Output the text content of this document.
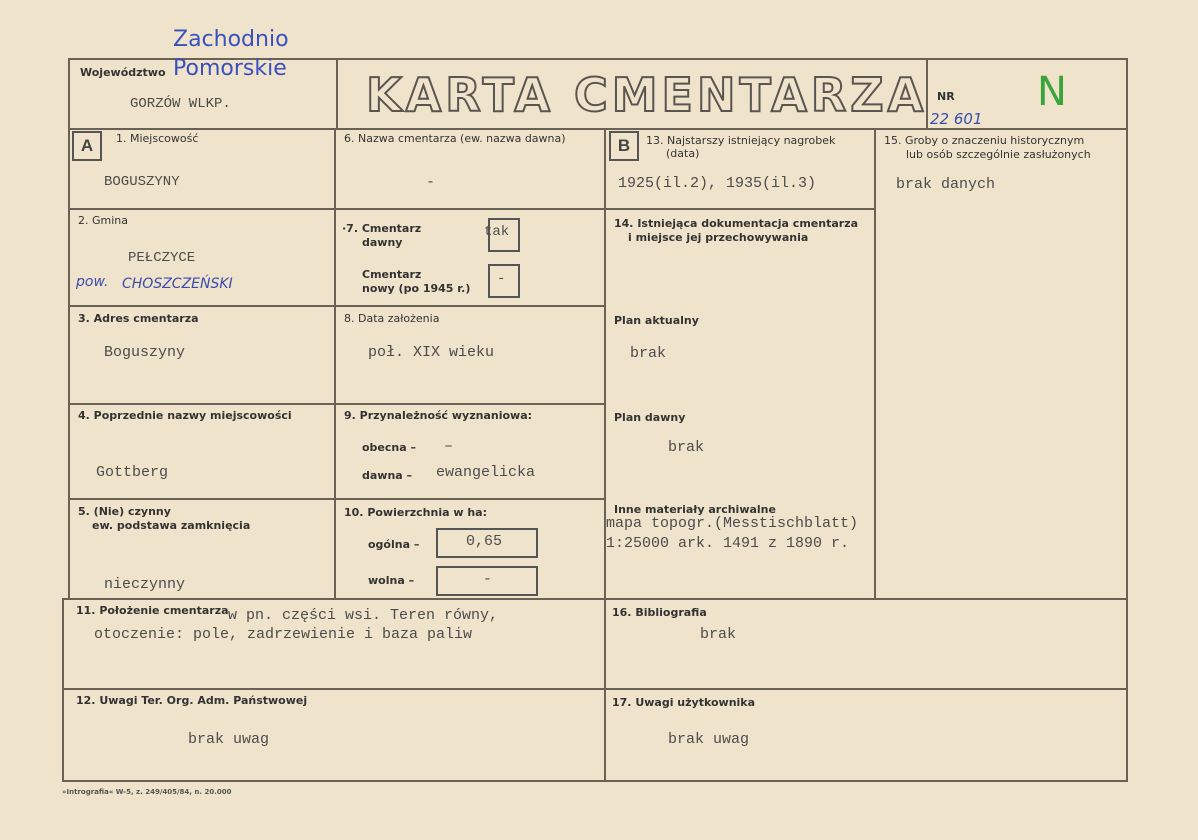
Zachodnio
Pomorskie
Województwo
GORZÓW WLKP.	KARTA CMENTARZA NR
22 601
N
A	1. Miejscowość
BOGUSZYNY
2. Gmina
PEŁCZYCE
pow. CHOSZCZEŃSKI
3. Adres cmentarza
Boguszyny
4. Poprzednie nazwy miejscowości
Gottberg
5. (Nie) czynny
ew. podstawa zamknięcia
nieczynny
6. Nazwa cmentarza (ew. nazwa dawna)
-
·7. Cmentarz
dawny
tak
Cmentarz
nowy (po 1945 r.)
-
8. Data założenia
poł. XIX wieku
9. Przynależność wyznaniowa:
obecna – –
dawna – ewangelicka
10. Powierzchnia w ha:
ogólna –	0,65
wolna –	-
B	13. Najstarszy istniejący nagrobek
(data)
1925(il.2), 1935(il.3)
14. Istniejąca dokumentacja cmentarza
i miejsce jej przechowywania
Plan aktualny
brak
Plan dawny
brak
Inne materiały archiwalne
mapa topogr.(Messtischblatt)
1:25000 ark. 1491 z 1890 r.
15. Groby o znaczeniu historycznym
lub osób szczególnie zasłużonych
brak danych
11. Położenie cmentarza w pn. części wsi. Teren równy,
otoczenie: pole, zadrzewienie i baza paliw
16. Bibliografia
brak
12. Uwagi Ter. Org. Adm. Państwowej
brak uwag
17. Uwagi użytkownika
brak uwag
»Intrografia« W-5, z. 249/405/84, n. 20.000
